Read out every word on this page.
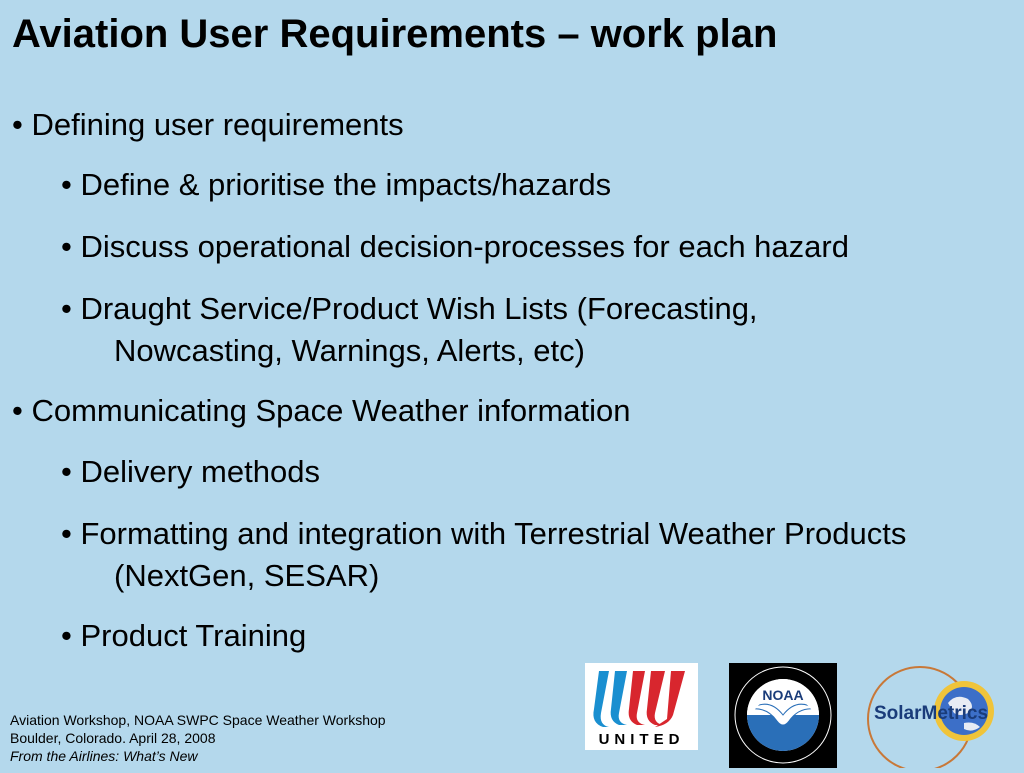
Aviation User Requirements – work plan
• Defining user requirements
• Define & prioritise the impacts/hazards
• Discuss operational decision-processes for each hazard
• Draught Service/Product Wish Lists (Forecasting,
Nowcasting, Warnings, Alerts, etc)
• Communicating Space Weather information
• Delivery methods
• Formatting and integration with Terrestrial Weather Products
(NextGen, SESAR)
• Product Training
Aviation Workshop, NOAA SWPC Space Weather Workshop
Boulder, Colorado. April 28, 2008
From the Airlines: What’s New
UNITED
NOAA
SolarMetrics
